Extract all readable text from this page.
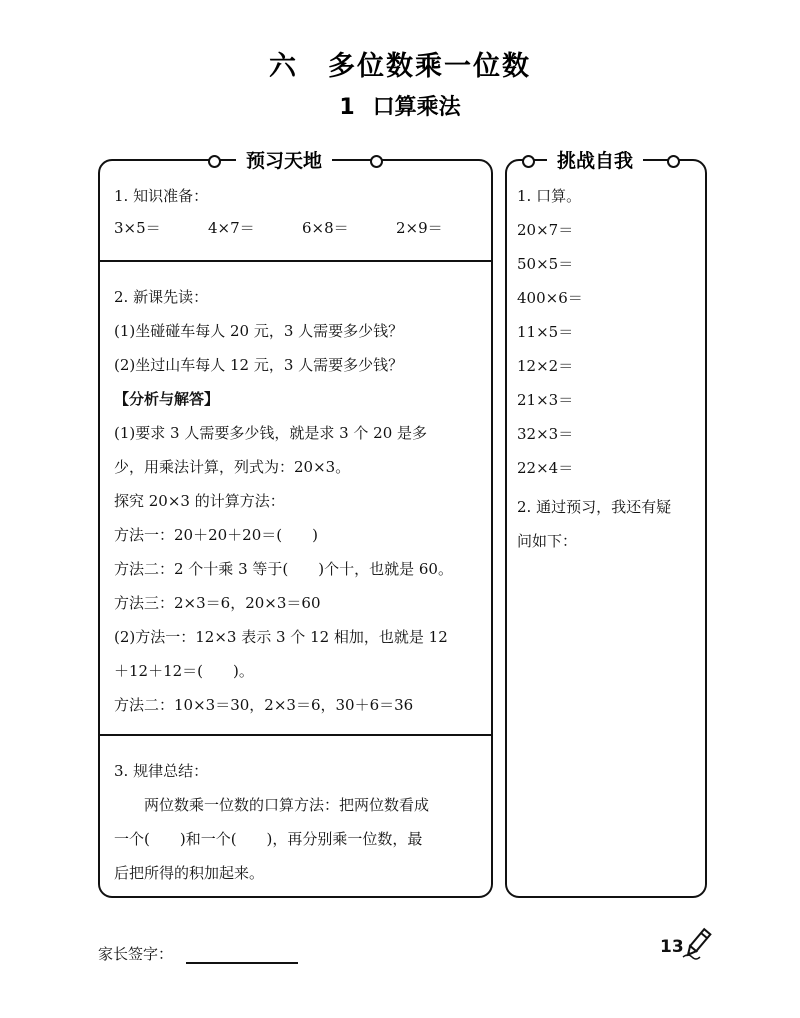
六 多位数乘一位数
1 口算乘法
预习天地
1. 知识准备：
3×5＝	4×7＝	6×8＝	2×9＝
2. 新课先读：
(1)坐碰碰车每人 20 元，3 人需要多少钱？
(2)坐过山车每人 12 元，3 人需要多少钱？
【分析与解答】
(1)要求 3 人需要多少钱，就是求 3 个 20 是多
少，用乘法计算，列式为：20×3。
探究 20×3 的计算方法：
方法一：20＋20＋20＝(　　)
方法二：2 个十乘 3 等于(　　)个十，也就是 60。
方法三：2×3＝6，20×3＝60
(2)方法一：12×3 表示 3 个 12 相加，也就是 12
＋12＋12＝(　　)。
方法二：10×3＝30，2×3＝6，30＋6＝36
3. 规律总结：
两位数乘一位数的口算方法：把两位数看成
一个(　　)和一个(　　)，再分别乘一位数，最
后把所得的积加起来。
挑战自我
1. 口算。
20×7＝
50×5＝
400×6＝
11×5＝
12×2＝
21×3＝
32×3＝
22×4＝
2. 通过预习，我还有疑
问如下：
家长签字：	13
